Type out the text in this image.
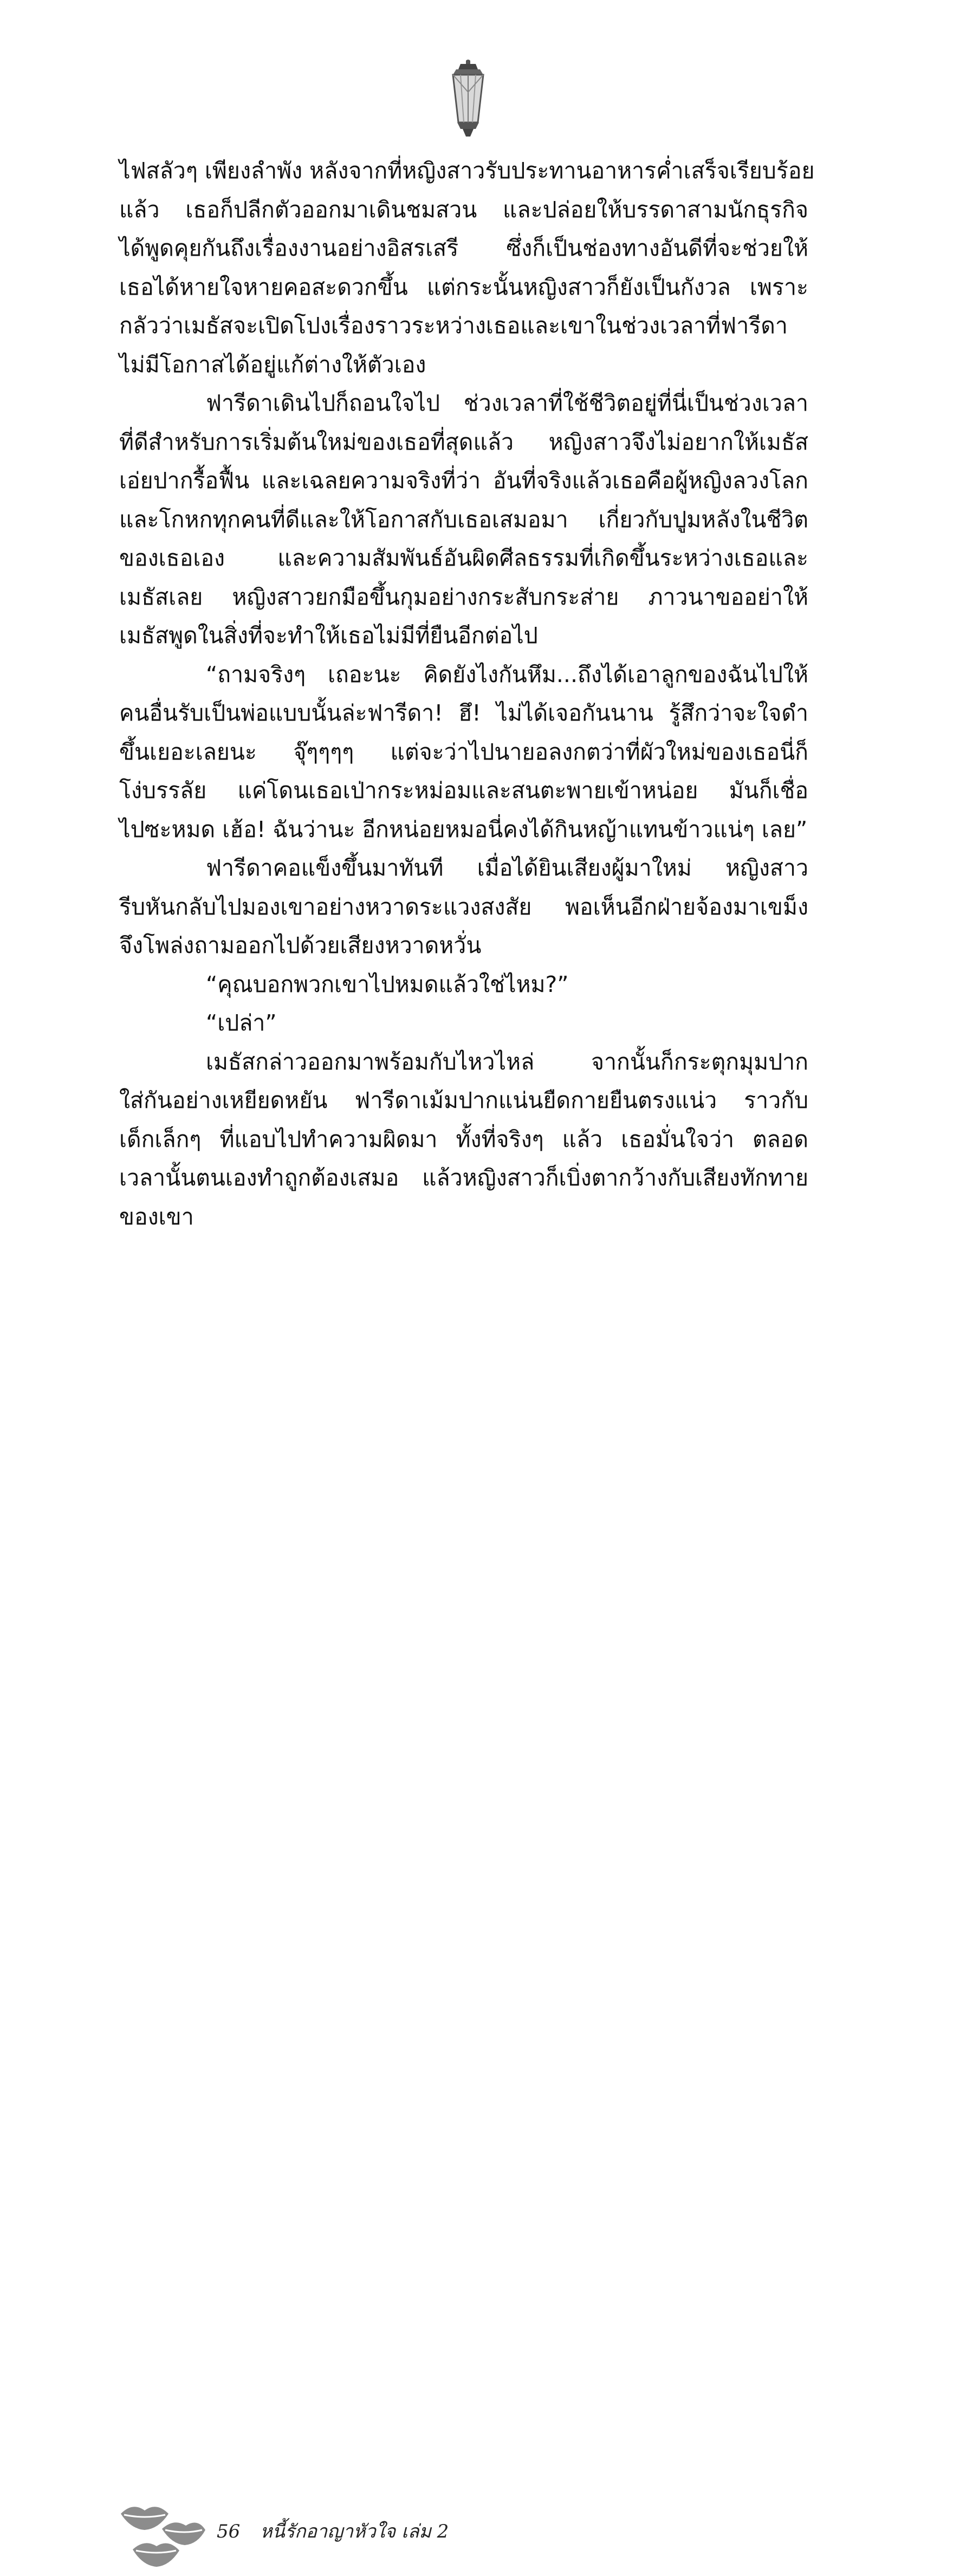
ไฟสลัวๆ เพียงลำพัง หลังจากที่หญิงสาวรับประทานอาหารค่ำเสร็จเรียบร้อย
แล้ว เธอก็ปลีกตัวออกมาเดินชมสวน และปล่อยให้บรรดาสามนักธุรกิจ
ได้พูดคุยกันถึงเรื่องงานอย่างอิสรเสรี ซึ่งก็เป็นช่องทางอันดีที่จะช่วยให้
เธอได้หายใจหายคอสะดวกขึ้น แต่กระนั้นหญิงสาวก็ยังเป็นกังวล เพราะ
กลัวว่าเมธัสจะเปิดโปงเรื่องราวระหว่างเธอและเขาในช่วงเวลาที่ฟารีดา
ไม่มีโอกาสได้อยู่แก้ต่างให้ตัวเอง
ฟารีดาเดินไปก็ถอนใจไป ช่วงเวลาที่ใช้ชีวิตอยู่ที่นี่เป็นช่วงเวลา
ที่ดีสำหรับการเริ่มต้นใหม่ของเธอที่สุดแล้ว หญิงสาวจึงไม่อยากให้เมธัส
เอ่ยปากรื้อฟื้น และเฉลยความจริงที่ว่า อันที่จริงแล้วเธอคือผู้หญิงลวงโลก
และโกหกทุกคนที่ดีและให้โอกาสกับเธอเสมอมา เกี่ยวกับปูมหลังในชีวิต
ของเธอเอง และความสัมพันธ์อันผิดศีลธรรมที่เกิดขึ้นระหว่างเธอและ
เมธัสเลย หญิงสาวยกมือขึ้นกุมอย่างกระสับกระส่าย ภาวนาขออย่าให้
เมธัสพูดในสิ่งที่จะทำให้เธอไม่มีที่ยืนอีกต่อไป
“ถามจริงๆ เถอะนะ คิดยังไงกันหึม...ถึงได้เอาลูกของฉันไปให้
คนอื่นรับเป็นพ่อแบบนั้นล่ะฟารีดา! ฮึ! ไม่ได้เจอกันนาน รู้สึกว่าจะใจดำ
ขึ้นเยอะเลยนะ จุ๊ๆๆๆๆ แต่จะว่าไปนายอลงกตว่าที่ผัวใหม่ของเธอนี่ก็
โง่บรรลัย แค่โดนเธอเป่ากระหม่อมและสนตะพายเข้าหน่อย มันก็เชื่อ
ไปซะหมด เฮ้อ! ฉันว่านะ อีกหน่อยหมอนี่คงได้กินหญ้าแทนข้าวแน่ๆ เลย”
ฟารีดาคอแข็งขึ้นมาทันที เมื่อได้ยินเสียงผู้มาใหม่ หญิงสาว
รีบหันกลับไปมองเขาอย่างหวาดระแวงสงสัย พอเห็นอีกฝ่ายจ้องมาเขม็ง
จึงโพล่งถามออกไปด้วยเสียงหวาดหวั่น
“คุณบอกพวกเขาไปหมดแล้วใช่ไหม?”
“เปล่า”
เมธัสกล่าวออกมาพร้อมกับไหวไหล่ จากนั้นก็กระตุกมุมปาก
ใส่กันอย่างเหยียดหยัน ฟารีดาเม้มปากแน่นยืดกายยืนตรงแน่ว ราวกับ
เด็กเล็กๆ ที่แอบไปทำความผิดมา ทั้งที่จริงๆ แล้ว เธอมั่นใจว่า ตลอด
เวลานั้นตนเองทำถูกต้องเสมอ แล้วหญิงสาวก็เบิ่งตากว้างกับเสียงทักทาย
ของเขา
56 หนี้รักอาญาหัวใจ เล่ม 2
